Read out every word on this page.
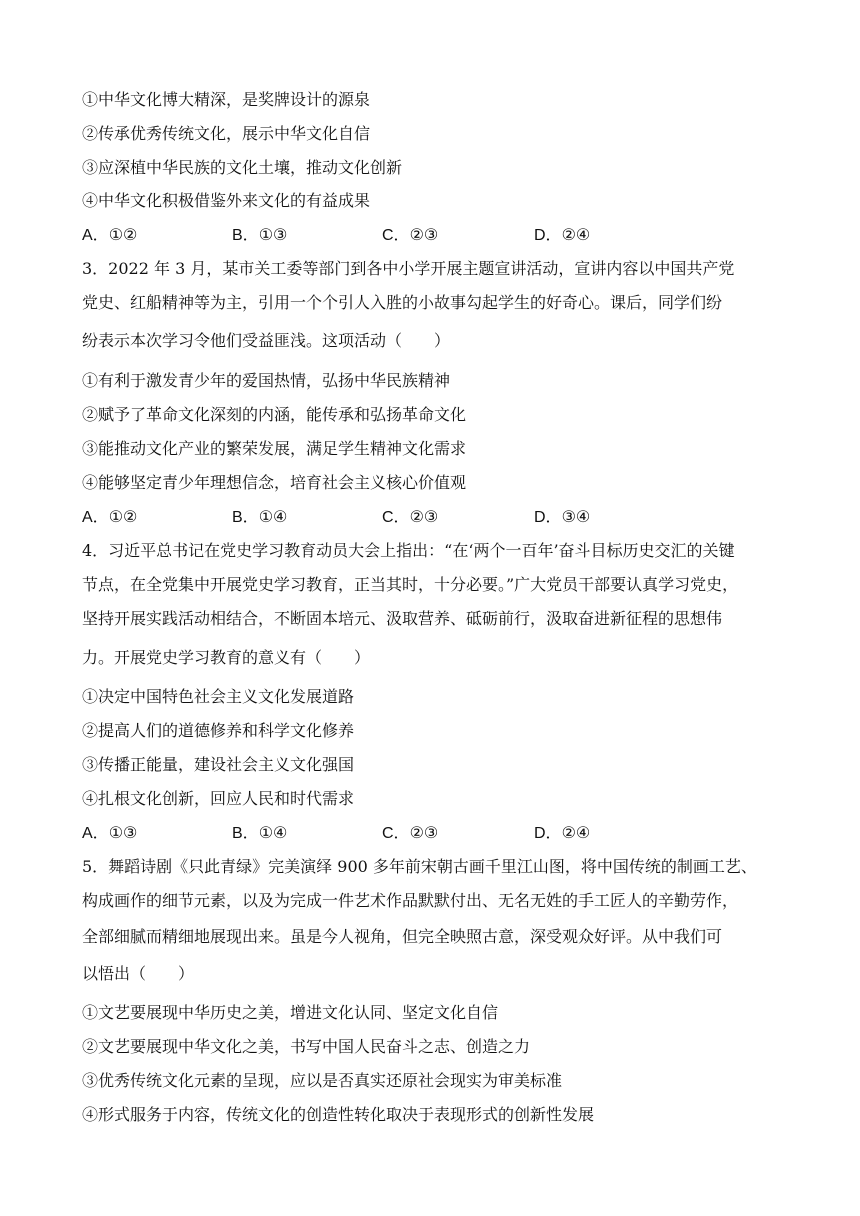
①中华文化博大精深，是奖牌设计的源泉
②传承优秀传统文化，展示中华文化自信
③应深植中华民族的文化土壤，推动文化创新
④中华文化积极借鉴外来文化的有益成果
A．①②	B．①③	C．②③	D．②④
3．2022 年 3 月，某市关工委等部门到各中小学开展主题宣讲活动，宣讲内容以中国共产党
党史、红船精神等为主，引用一个个引人入胜的小故事勾起学生的好奇心。课后，同学们纷
纷表示本次学习令他们受益匪浅。这项活动（　　）
①有利于激发青少年的爱国热情，弘扬中华民族精神
②赋予了革命文化深刻的内涵，能传承和弘扬革命文化
③能推动文化产业的繁荣发展，满足学生精神文化需求
④能够坚定青少年理想信念，培育社会主义核心价值观
A．①②	B．①④	C．②③	D．③④
4．习近平总书记在党史学习教育动员大会上指出：“在‘两个一百年’奋斗目标历史交汇的关键
节点，在全党集中开展党史学习教育，正当其时，十分必要。”广大党员干部要认真学习党史，
坚持开展实践活动相结合，不断固本培元、汲取营养、砥砺前行，汲取奋进新征程的思想伟
力。开展党史学习教育的意义有（　　）
①决定中国特色社会主义文化发展道路
②提高人们的道德修养和科学文化修养
③传播正能量，建设社会主义文化强国
④扎根文化创新，回应人民和时代需求
A．①③	B．①④	C．②③	D．②④
5．舞蹈诗剧《只此青绿》完美演绎 900 多年前宋朝古画千里江山图，将中国传统的制画工艺、
构成画作的细节元素，以及为完成一件艺术作品默默付出、无名无姓的手工匠人的辛勤劳作，
全部细腻而精细地展现出来。虽是今人视角，但完全映照古意，深受观众好评。从中我们可
以悟出（　　）
①文艺要展现中华历史之美，增进文化认同、坚定文化自信
②文艺要展现中华文化之美，书写中国人民奋斗之志、创造之力
③优秀传统文化元素的呈现，应以是否真实还原社会现实为审美标准
④形式服务于内容，传统文化的创造性转化取决于表现形式的创新性发展
